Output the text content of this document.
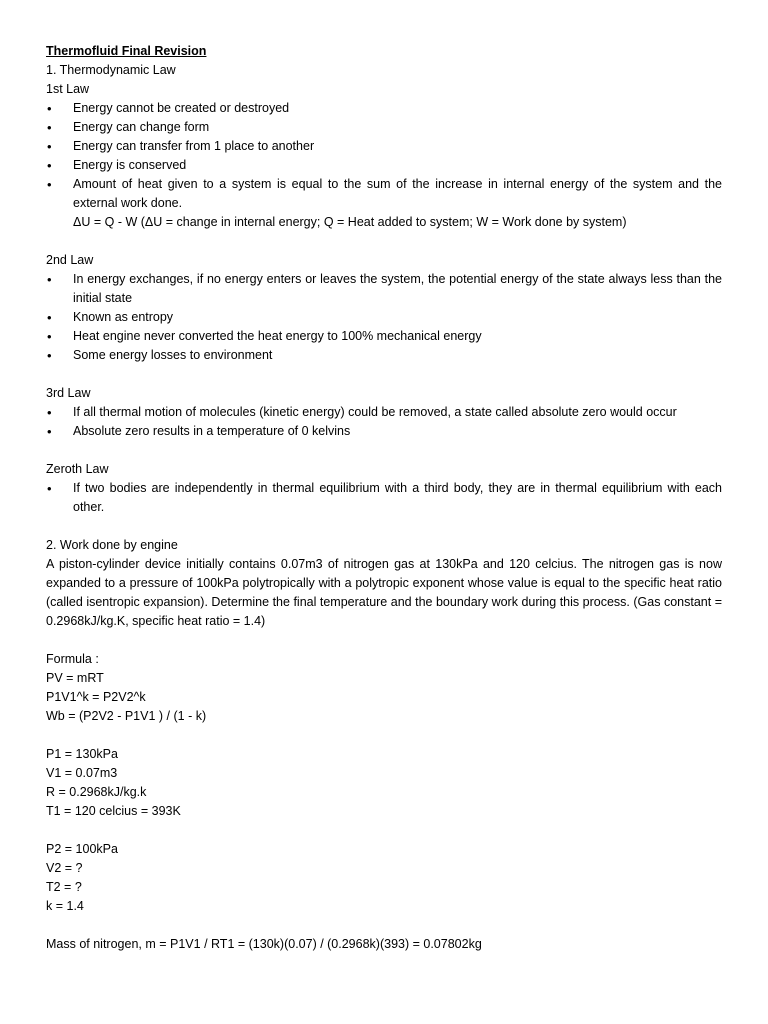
Thermofluid Final Revision
1. Thermodynamic Law
1st Law
• Energy cannot be created or destroyed
• Energy can change form
• Energy can transfer from 1 place to another
• Energy is conserved
• Amount of heat given to a system is equal to the sum of the increase in internal energy of the system and the external work done.
ΔU = Q - W (ΔU = change in internal energy; Q = Heat added to system; W = Work done by system)
2nd Law
• In energy exchanges, if no energy enters or leaves the system, the potential energy of the state always less than the initial state
• Known as entropy
• Heat engine never converted the heat energy to 100% mechanical energy
• Some energy losses to environment
3rd Law
• If all thermal motion of molecules (kinetic energy) could be removed, a state called absolute zero would occur
• Absolute zero results in a temperature of 0 kelvins
Zeroth Law
• If two bodies are independently in thermal equilibrium with a third body, they are in thermal equilibrium with each other.
2. Work done by engine
A piston-cylinder device initially contains 0.07m3 of nitrogen gas at 130kPa and 120 celcius. The nitrogen gas is now expanded to a pressure of 100kPa polytropically with a polytropic exponent whose value is equal to the specific heat ratio (called isentropic expansion). Determine the final temperature and the boundary work during this process. (Gas constant = 0.2968kJ/kg.K, specific heat ratio = 1.4)
Formula :
PV = mRT
P1V1^k = P2V2^k
Wb = (P2V2 - P1V1 ) / (1 - k)
P1 = 130kPa
V1 = 0.07m3
R = 0.2968kJ/kg.k
T1 = 120 celcius = 393K
P2 = 100kPa
V2 = ?
T2 = ?
k = 1.4
Mass of nitrogen, m = P1V1 / RT1 = (130k)(0.07) / (0.2968k)(393) = 0.07802kg
